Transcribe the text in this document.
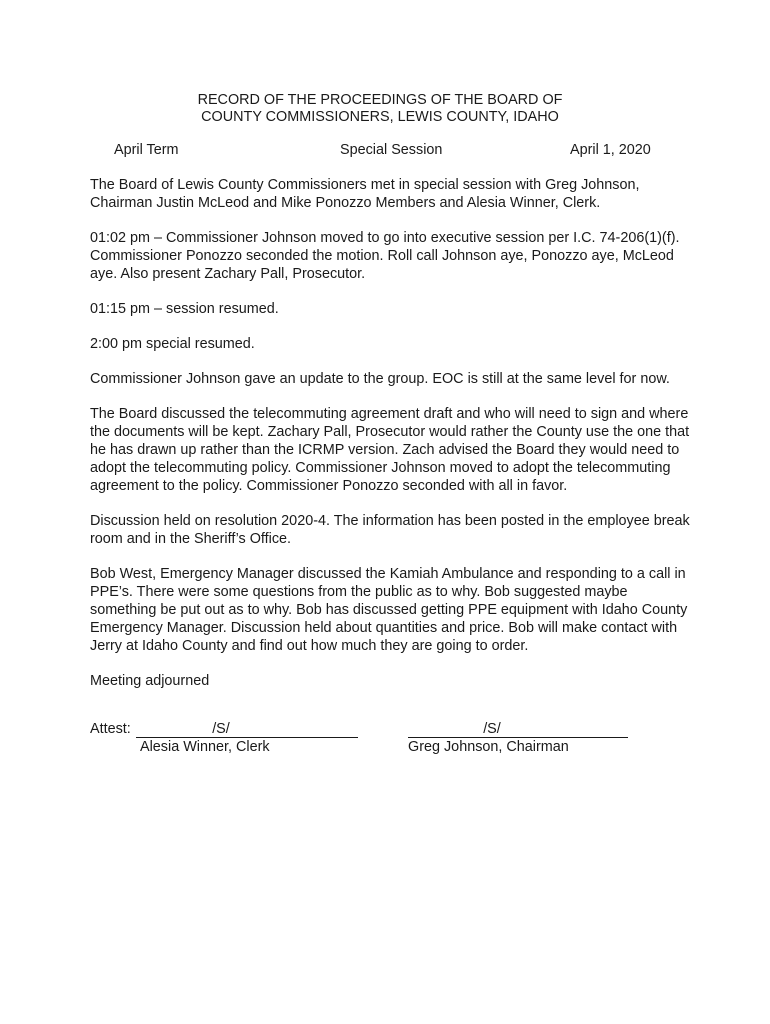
RECORD OF THE PROCEEDINGS OF THE BOARD OF
COUNTY COMMISSIONERS, LEWIS COUNTY, IDAHO
April Term	Special Session	April 1, 2020

The Board of Lewis County Commissioners met in special session with Greg Johnson, Chairman Justin McLeod and Mike Ponozzo Members and Alesia Winner, Clerk.

01:02 pm – Commissioner Johnson moved to go into executive session per I.C. 74-206(1)(f). Commissioner Ponozzo seconded the motion. Roll call Johnson aye, Ponozzo aye, McLeod aye. Also present Zachary Pall, Prosecutor.

01:15 pm – session resumed.

2:00 pm special resumed.

Commissioner Johnson gave an update to the group. EOC is still at the same level for now.

The Board discussed the telecommuting agreement draft and who will need to sign and where the documents will be kept. Zachary Pall, Prosecutor would rather the County use the one that he has drawn up rather than the ICRMP version. Zach advised the Board they would need to adopt the telecommuting policy. Commissioner Johnson moved to adopt the telecommuting agreement to the policy. Commissioner Ponozzo seconded with all in favor.

Discussion held on resolution 2020-4. The information has been posted in the employee break room and in the Sheriff’s Office.

Bob West, Emergency Manager discussed the Kamiah Ambulance and responding to a call in PPE’s. There were some questions from the public as to why. Bob suggested maybe something be put out as to why. Bob has discussed getting PPE equipment with Idaho County Emergency Manager. Discussion held about quantities and price. Bob will make contact with Jerry at Idaho County and find out how much they are going to order.

Meeting adjourned

Attest:	/S/
Alesia Winner, Clerk
/S/
Greg Johnson, Chairman
